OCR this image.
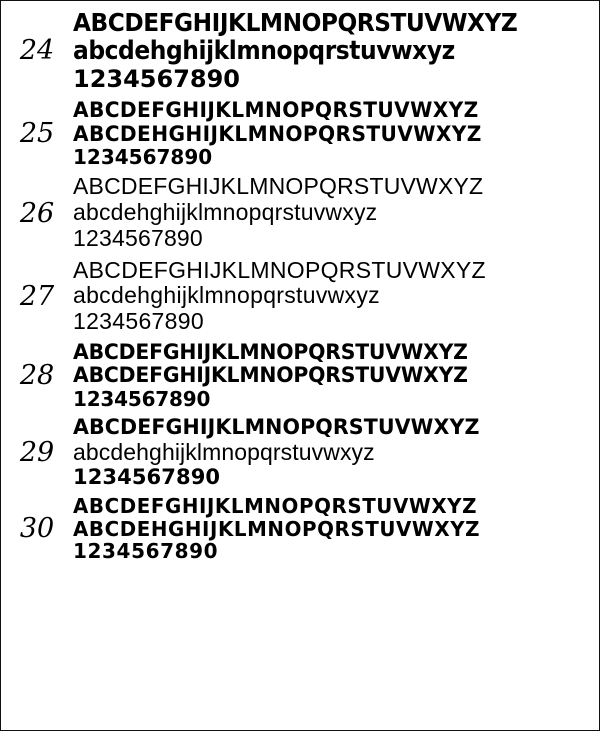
24
ABCDEFGHIJKLMNOPQRSTUVWXYZ
abcdehghijklmnopqrstuvwxyz
1234567890
25
ABCDEFGHIJKLMNOPQRSTUVWXYZ
ABCDEHGHIJKLMNOPQRSTUVWXYZ
1234567890
26
ABCDEFGHIJKLMNOPQRSTUVWXYZ
abcdehghijklmnopqrstuvwxyz
1234567890
27
ABCDEFGHIJKLMNOPQRSTUVWXYZ
abcdehghijklmnopqrstuvwxyz
1234567890
28
ABCDEFGHIJKLMNOPQRSTUVWXYZ
ABCDEFGHIJKLMNOPQRSTUVWXYZ
1234567890
29
ABCDEFGHIJKLMNOPQRSTUVWXYZ
abcdehghijklmnopqrstuvwxyz
1234567890
30
ABCDEFGHIJKLMNOPQRSTUVWXYZ
ABCDEHGHIJKLMNOPQRSTUVWXYZ
1234567890
